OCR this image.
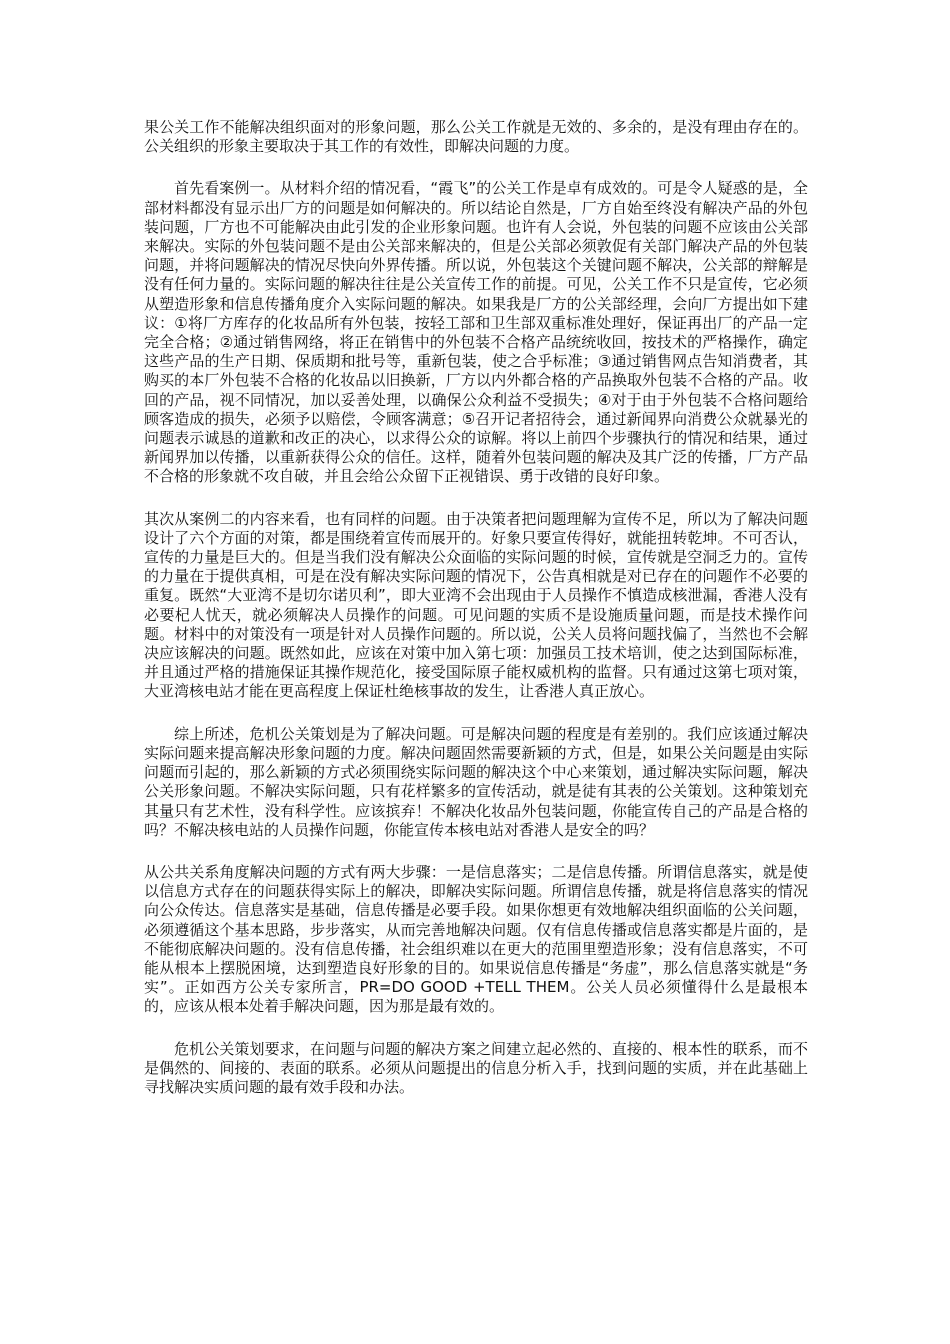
果公关工作不能解决组织面对的形象问题，那么公关工作就是无效的、多余的，是没有理由存在的。公关组织的形象主要取决于其工作的有效性，即解决问题的力度。

首先看案例一。从材料介绍的情况看，“霞飞”的公关工作是卓有成效的。可是令人疑惑的是，全部材料都没有显示出厂方的问题是如何解决的。所以结论自然是，厂方自始至终没有解决产品的外包装问题，厂方也不可能解决由此引发的企业形象问题。也许有人会说，外包装的问题不应该由公关部来解决。实际的外包装问题不是由公关部来解决的，但是公关部必须敦促有关部门解决产品的外包装问题，并将问题解决的情况尽快向外界传播。所以说，外包装这个关键问题不解决，公关部的辩解是没有任何力量的。实际问题的解决往往是公关宣传工作的前提。可见，公关工作不只是宣传，它必须从塑造形象和信息传播角度介入实际问题的解决。如果我是厂方的公关部经理，会向厂方提出如下建议：①将厂方库存的化妆品所有外包装，按轻工部和卫生部双重标准处理好，保证再出厂的产品一定完全合格；②通过销售网络，将正在销售中的外包装不合格产品统统收回，按技术的严格操作，确定这些产品的生产日期、保质期和批号等，重新包装，使之合乎标准；③通过销售网点告知消费者，其购买的本厂外包装不合格的化妆品以旧换新，厂方以内外都合格的产品换取外包装不合格的产品。收回的产品，视不同情况，加以妥善处理，以确保公众利益不受损失；④对于由于外包装不合格问题给顾客造成的损失，必须予以赔偿，令顾客满意；⑤召开记者招待会，通过新闻界向消费公众就暴光的问题表示诚恳的道歉和改正的决心，以求得公众的谅解。将以上前四个步骤执行的情况和结果，通过新闻界加以传播，以重新获得公众的信任。这样，随着外包装问题的解决及其广泛的传播，厂方产品不合格的形象就不攻自破，并且会给公众留下正视错误、勇于改错的良好印象。

其次从案例二的内容来看，也有同样的问题。由于决策者把问题理解为宣传不足，所以为了解决问题设计了六个方面的对策，都是围绕着宣传而展开的。好象只要宣传得好，就能扭转乾坤。不可否认，宣传的力量是巨大的。但是当我们没有解决公众面临的实际问题的时候，宣传就是空洞乏力的。宣传的力量在于提供真相，可是在没有解决实际问题的情况下，公告真相就是对已存在的问题作不必要的重复。既然“大亚湾不是切尔诺贝利”，即大亚湾不会出现由于人员操作不慎造成核泄漏，香港人没有必要杞人忧天，就必须解决人员操作的问题。可见问题的实质不是设施质量问题，而是技术操作问题。材料中的对策没有一项是针对人员操作问题的。所以说，公关人员将问题找偏了，当然也不会解决应该解决的问题。既然如此，应该在对策中加入第七项：加强员工技术培训，使之达到国际标准，并且通过严格的措施保证其操作规范化，接受国际原子能权威机构的监督。只有通过这第七项对策，大亚湾核电站才能在更高程度上保证杜绝核事故的发生，让香港人真正放心。

综上所述，危机公关策划是为了解决问题。可是解决问题的程度是有差别的。我们应该通过解决实际问题来提高解决形象问题的力度。解决问题固然需要新颖的方式，但是，如果公关问题是由实际问题而引起的，那么新颖的方式必须围绕实际问题的解决这个中心来策划，通过解决实际问题，解决公关形象问题。不解决实际问题，只有花样繁多的宣传活动，就是徒有其表的公关策划。这种策划充其量只有艺术性，没有科学性。应该摈弃！不解决化妆品外包装问题，你能宣传自己的产品是合格的吗？不解决核电站的人员操作问题，你能宣传本核电站对香港人是安全的吗？

从公共关系角度解决问题的方式有两大步骤：一是信息落实；二是信息传播。所谓信息落实，就是使以信息方式存在的问题获得实际上的解决，即解决实际问题。所谓信息传播，就是将信息落实的情况向公众传达。信息落实是基础，信息传播是必要手段。如果你想更有效地解决组织面临的公关问题，必须遵循这个基本思路，步步落实，从而完善地解决问题。仅有信息传播或信息落实都是片面的，是不能彻底解决问题的。没有信息传播，社会组织难以在更大的范围里塑造形象；没有信息落实，不可能从根本上摆脱困境，达到塑造良好形象的目的。如果说信息传播是“务虚”，那么信息落实就是“务实”。正如西方公关专家所言，PR=DO GOOD +TELL THEM。公关人员必须懂得什么是最根本的，应该从根本处着手解决问题，因为那是最有效的。

危机公关策划要求，在问题与问题的解决方案之间建立起必然的、直接的、根本性的联系，而不是偶然的、间接的、表面的联系。必须从问题提出的信息分析入手，找到问题的实质，并在此基础上寻找解决实质问题的最有效手段和办法。
